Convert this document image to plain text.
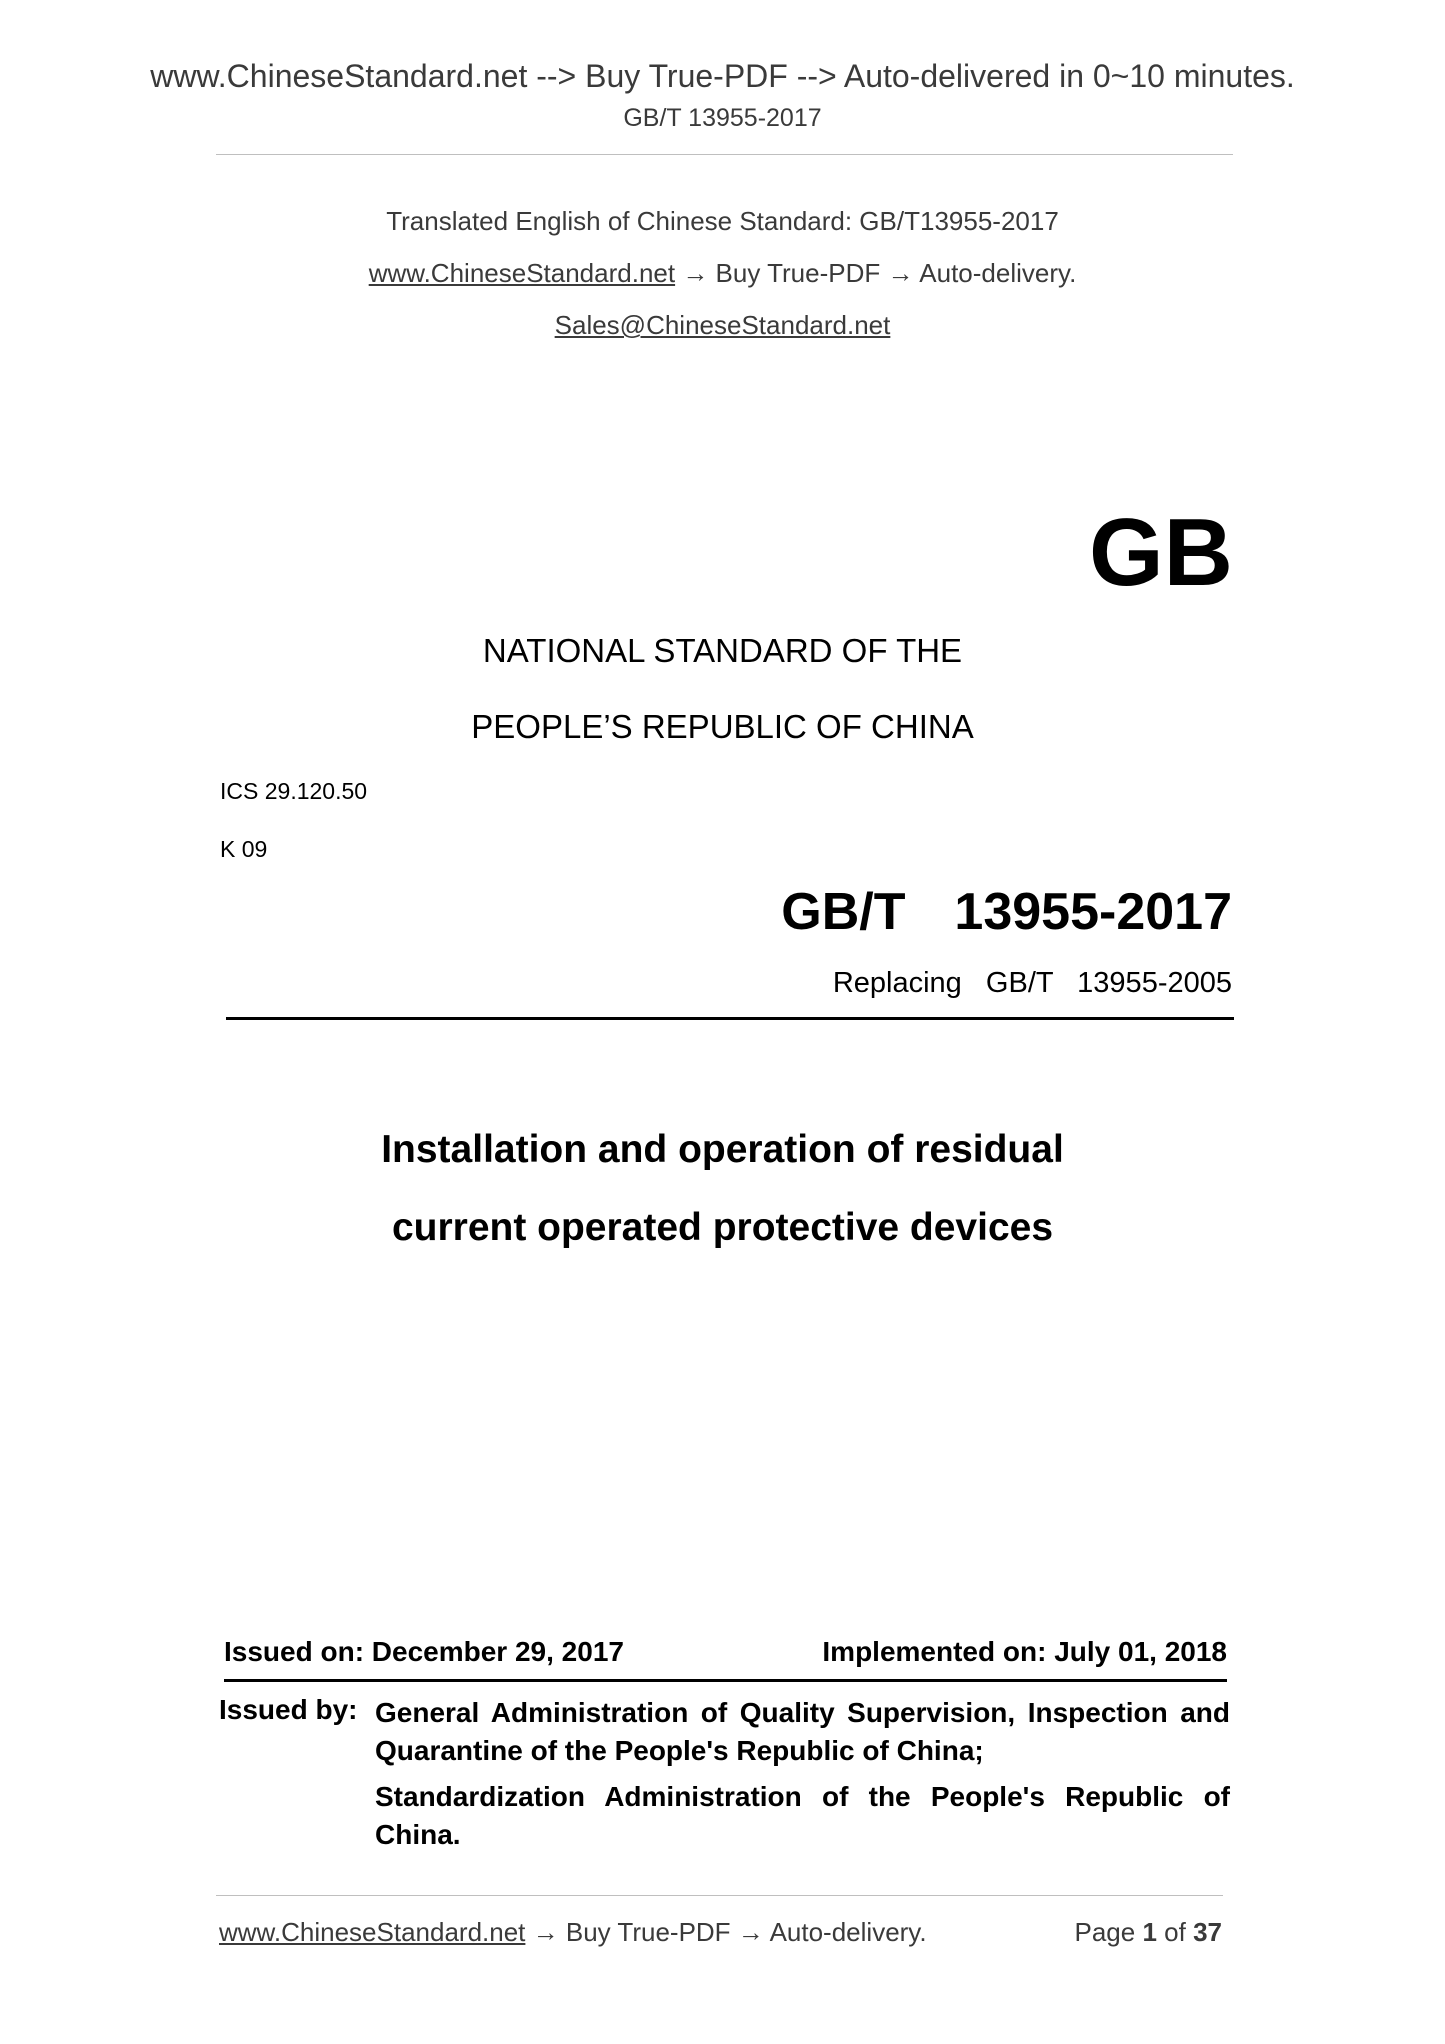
www.ChineseStandard.net --> Buy True-PDF --> Auto-delivered in 0~10 minutes.
GB/T 13955-2017
Translated English of Chinese Standard: GB/T13955-2017
www.ChineseStandard.net → Buy True-PDF → Auto-delivery.
Sales@ChineseStandard.net
GB
NATIONAL STANDARD OF THE
PEOPLE’S REPUBLIC OF CHINA
ICS 29.120.50
K 09
GB/T  13955-2017
Replacing  GB/T  13955-2005
Installation and operation of residual
current operated protective devices
Issued on: December 29, 2017	Implemented on: July 01, 2018
Issued by: General Administration of Quality Supervision, Inspection and Quarantine of the People's Republic of China;
Standardization Administration of the People's Republic of China.
www.ChineseStandard.net → Buy True-PDF → Auto-delivery.	Page 1 of 37
